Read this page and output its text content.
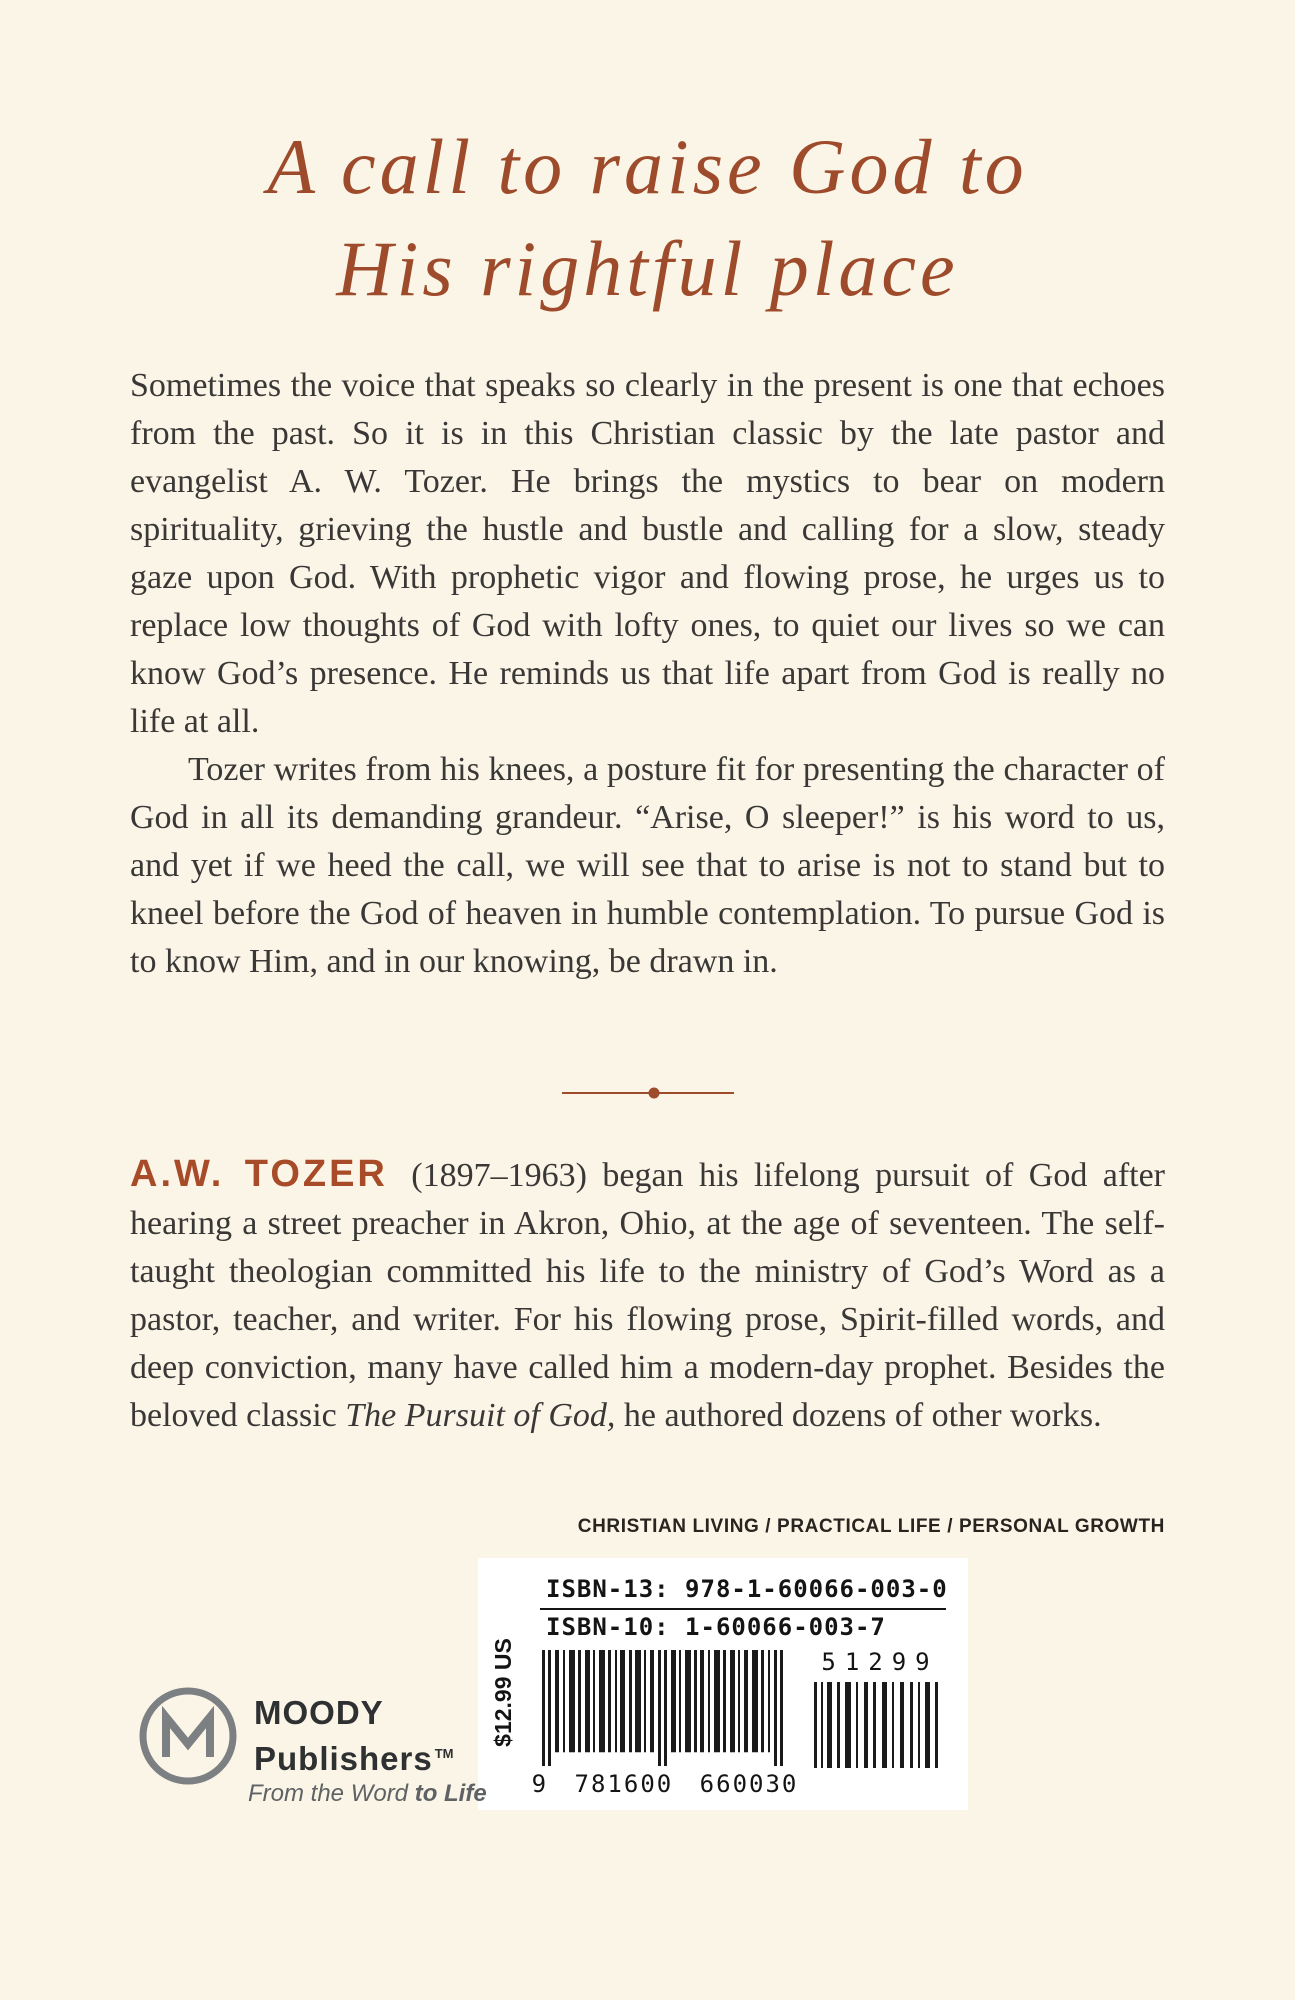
A call to raise God to
His rightful place

Sometimes the voice that speaks so clearly in the present is one that echoes from the past. So it is in this Christian classic by the late pastor and evangelist A. W. Tozer. He brings the mystics to bear on modern spirituality, grieving the hustle and bustle and calling for a slow, steady gaze upon God. With prophetic vigor and flowing prose, he urges us to replace low thoughts of God with lofty ones, to quiet our lives so we can know God’s presence. He reminds us that life apart from God is really no life at all.

Tozer writes from his knees, a posture fit for presenting the character of God in all its demanding grandeur. “Arise, O sleeper!” is his word to us, and yet if we heed the call, we will see that to arise is not to stand but to kneel before the God of heaven in humble contemplation. To pursue God is to know Him, and in our knowing, be drawn in.

A.W. TOZER (1897–1963) began his lifelong pursuit of God after hearing a street preacher in Akron, Ohio, at the age of seventeen. The self-taught theologian committed his life to the ministry of God’s Word as a pastor, teacher, and writer. For his flowing prose, Spirit-filled words, and deep conviction, many have called him a modern-day prophet. Besides the beloved classic The Pursuit of God, he authored dozens of other works.

CHRISTIAN LIVING / PRACTICAL LIFE / PERSONAL GROWTH
$12.99 US
ISBN-13: 978-1-60066-003-0
ISBN-10: 1-60066-003-7
9 781600 660030
51299
MOODY
Publishers ™
From the Word to Life
